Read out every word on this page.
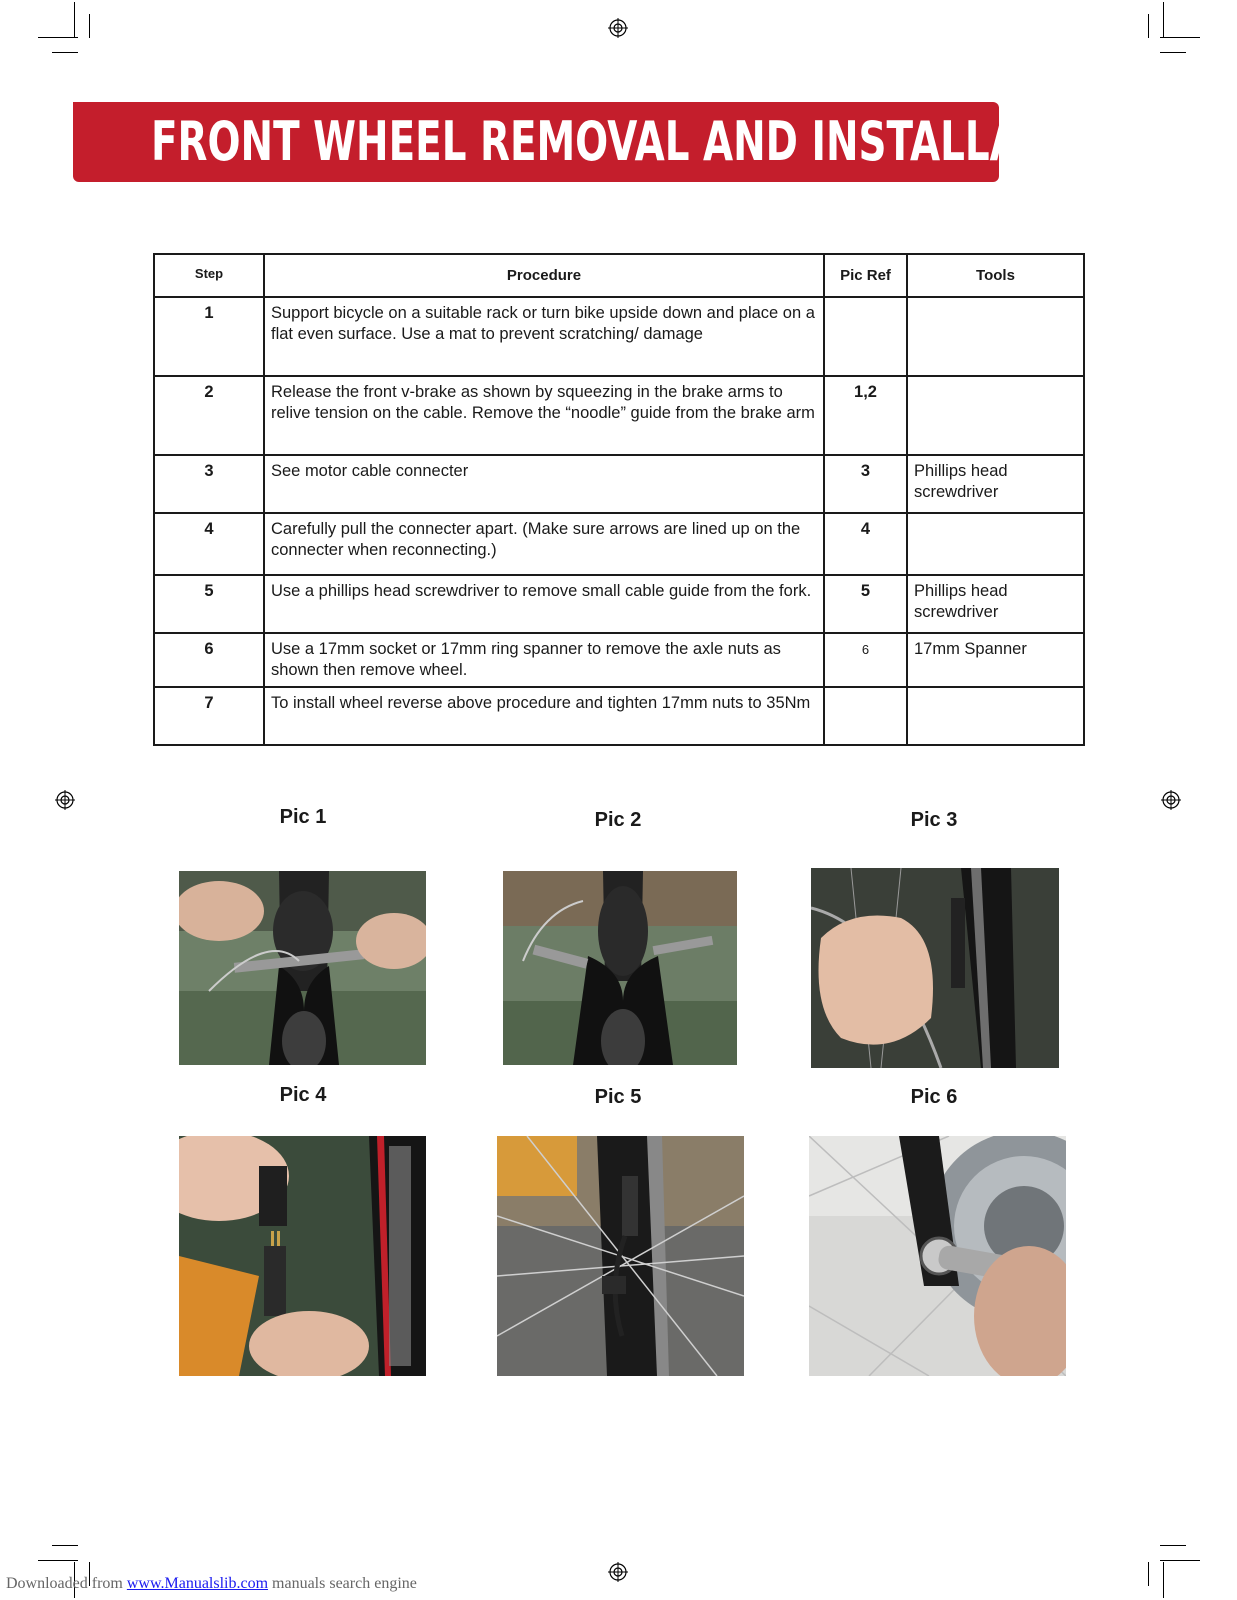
FRONT WHEEL REMOVAL AND INSTALLATION
Step	Procedure	Pic Ref	Tools
1	Support bicycle on a suitable rack or turn bike upside down and place on a flat even surface. Use a mat to prevent scratching/ damage		
2	Release the front v-brake as shown by squeezing in the brake arms to relive tension on the cable. Remove the “noodle” guide from the brake arm	1,2	
3	See motor cable connecter	3	Phillips head screwdriver
4	Carefully pull the connecter apart. (Make sure arrows are lined up on the connecter when reconnecting.)	4	
5	Use a phillips head screwdriver to remove small cable guide from the fork.	5	Phillips head screwdriver
6	Use a 17mm socket or 17mm ring spanner to remove the axle nuts as shown then remove wheel.	6	17mm Spanner
7	To install wheel reverse above procedure and tighten 17mm nuts to 35Nm		
Pic 1	Pic 2	Pic 3
Pic 4	Pic 5	Pic 6
Downloaded from www.Manualslib.com manuals search engine
